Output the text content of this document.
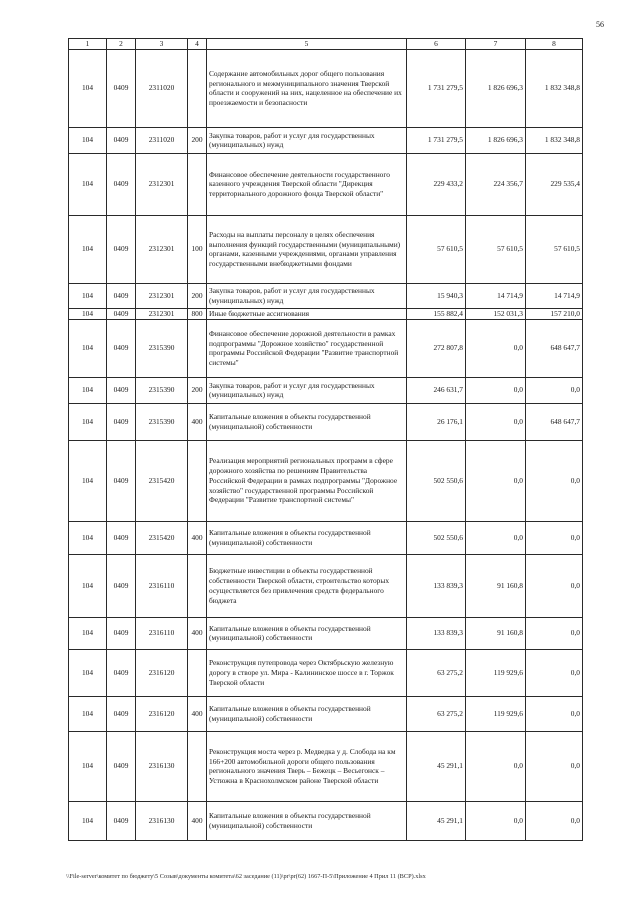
56
1	2	3	4	5	6	7	8
104	0409	2311020		Содержание автомобильных дорог общего пользования регионального и межмуниципального значения Тверской области и сооружений на них, нацеленное на обеспечение их проезжаемости и безопасности	1 731 279,5	1 826 696,3	1 832 348,8
104	0409	2311020	200	Закупка товаров, работ и услуг для государственных (муниципальных) нужд	1 731 279,5	1 826 696,3	1 832 348,8
104	0409	2312301		Финансовое обеспечение деятельности государственного казенного учреждения Тверской области "Дирекция территориального дорожного фонда Тверской области"	229 433,2	224 356,7	229 535,4
104	0409	2312301	100	Расходы на выплаты персоналу в целях обеспечения выполнения функций государственными (муниципальными) органами, казенными учреждениями, органами управления государственными внебюджетными фондами	57 610,5	57 610,5	57 610,5
104	0409	2312301	200	Закупка товаров, работ и услуг для государственных (муниципальных) нужд	15 940,3	14 714,9	14 714,9
104	0409	2312301	800	Иные бюджетные ассигнования	155 882,4	152 031,3	157 210,0
104	0409	2315390		Финансовое обеспечение дорожной деятельности в рамках подпрограммы "Дорожное хозяйство" государственной программы Российской Федерации "Развитие транспортной системы"	272 807,8	0,0	648 647,7
104	0409	2315390	200	Закупка товаров, работ и услуг для государственных (муниципальных) нужд	246 631,7	0,0	0,0
104	0409	2315390	400	Капитальные вложения в объекты государственной (муниципальной) собственности	26 176,1	0,0	648 647,7
104	0409	2315420		Реализация мероприятий региональных программ в сфере дорожного хозяйства по решениям Правительства Российской Федерации в рамках подпрограммы "Дорожное хозяйство" государственной программы Российской Федерации "Развитие транспортной системы"	502 550,6	0,0	0,0
104	0409	2315420	400	Капитальные вложения в объекты государственной (муниципальной) собственности	502 550,6	0,0	0,0
104	0409	2316110		Бюджетные инвестиции в объекты государственной собственности Тверской области, строительство которых осуществляется без привлечения средств федерального бюджета	133 839,3	91 160,8	0,0
104	0409	2316110	400	Капитальные вложения в объекты государственной (муниципальной) собственности	133 839,3	91 160,8	0,0
104	0409	2316120		Реконструкция путепровода через Октябрьскую железную дорогу в створе ул. Мира - Калининское шоссе в г. Торжок Тверской области	63 275,2	119 929,6	0,0
104	0409	2316120	400	Капитальные вложения в объекты государственной (муниципальной) собственности	63 275,2	119 929,6	0,0
104	0409	2316130		Реконструкция моста через р. Медведка у д. Слобода на км 166+200 автомобильной дороги общего пользования регионального значения Тверь – Бежецк – Весьегонск – Устюжна в Краснохолмском районе Тверской области	45 291,1	0,0	0,0
104	0409	2316130	400	Капитальные вложения в объекты государственной (муниципальной) собственности	45 291,1	0,0	0,0
\\File-server\комитет по бюджету\5 Созыв\документы комитета\62 заседание (11)\pr\pr(62) 1667-П-5\Приложение 4 Прил 11 (ВСР).xlsx
